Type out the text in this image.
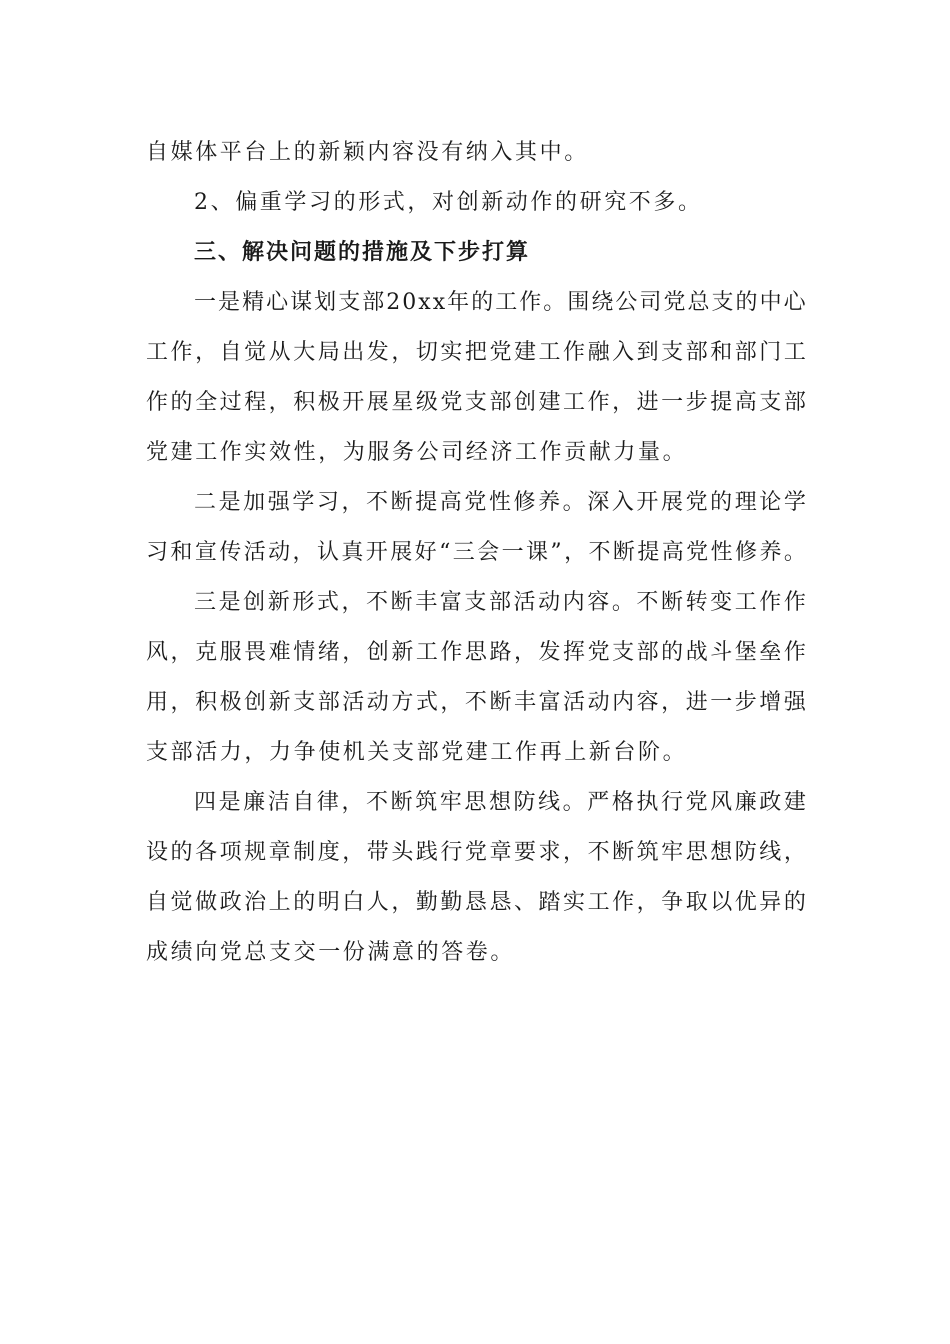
自媒体平台上的新颖内容没有纳入其中。
2、偏重学习的形式，对创新动作的研究不多。
三、解决问题的措施及下步打算
一 是 精 心 谋 划 支 部 2 0 x x 年 的 工 作 。 围 绕 公 司 党 总 支 的 中 心
工 作 ， 自 觉 从 大 局 出 发 ， 切 实 把 党 建 工 作 融 入 到 支 部 和 部 门 工
作 的 全 过 程 ， 积 极 开 展 星 级 党 支 部 创 建 工 作 ， 进 一 步 提 高 支 部
党建工作实效性，为服务公司经济工作贡献力量。
二 是 加 强 学 习 ， 不 断 提 高 党 性 修 养 。 深 入 开 展 党 的 理 论 学
习 和 宣 传 活 动 ， 认 真 开 展 好 “ 三 会 一 课 ” ， 不 断 提 高 党 性 修 养 。
三 是 创 新 形 式 ， 不 断 丰 富 支 部 活 动 内 容 。 不 断 转 变 工 作 作
风 ， 克 服 畏 难 情 绪 ， 创 新 工 作 思 路 ， 发 挥 党 支 部 的 战 斗 堡 垒 作
用 ， 积 极 创 新 支 部 活 动 方 式 ， 不 断 丰 富 活 动 内 容 ， 进 一 步 增 强
支部活力，力争使机关支部党建工作再上新台阶。
四 是 廉 洁 自 律 ， 不 断 筑 牢 思 想 防 线 。 严 格 执 行 党 风 廉 政 建
设 的 各 项 规 章 制 度 ， 带 头 践 行 党 章 要 求 ， 不 断 筑 牢 思 想 防 线 ，
自 觉 做 政 治 上 的 明 白 人 ， 勤 勤 恳 恳 、 踏 实 工 作 ， 争 取 以 优 异 的
成绩向党总支交一份满意的答卷。
